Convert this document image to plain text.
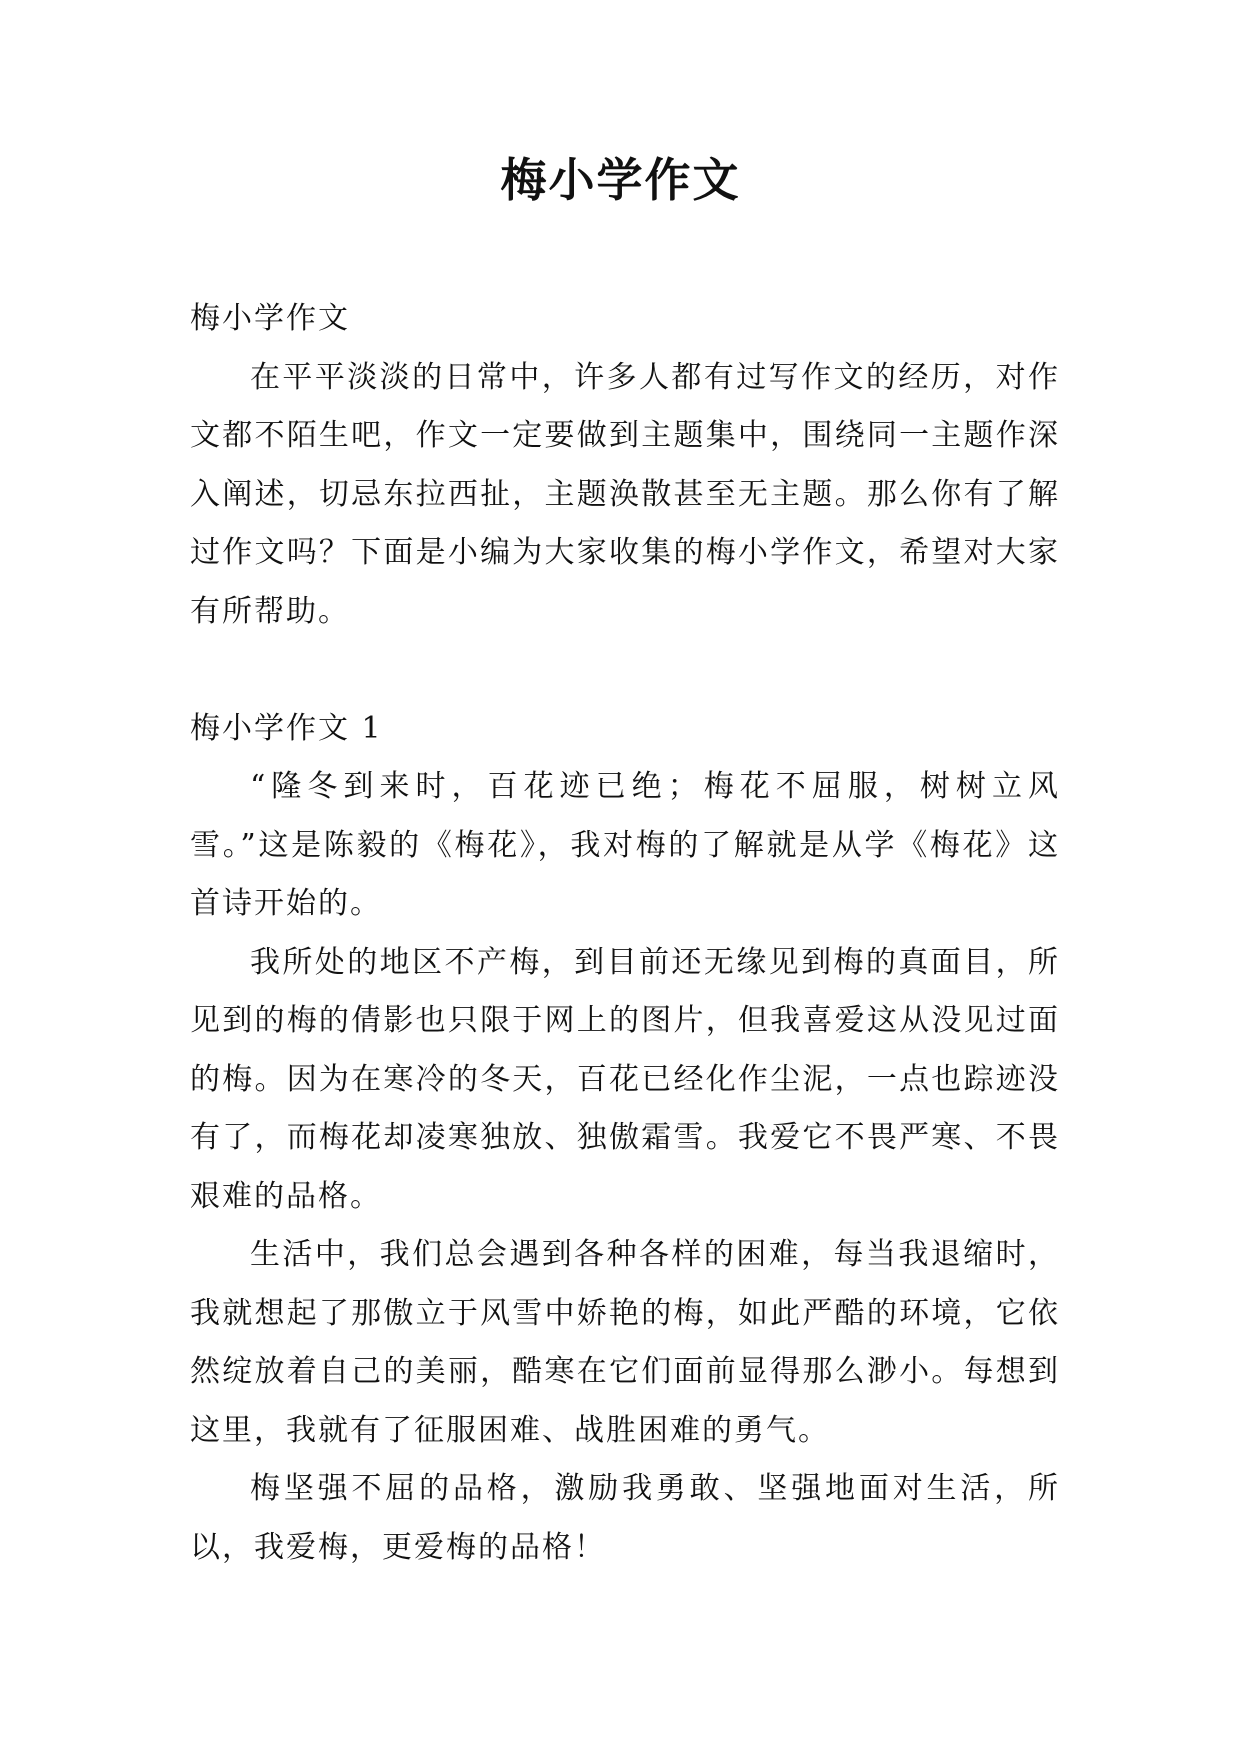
梅小学作文
梅小学作文

在平平淡淡的日常中，许多人都有过写作文的经历，对作文都不陌生吧，作文一定要做到主题集中，围绕同一主题作深入阐述，切忌东拉西扯，主题涣散甚至无主题。那么你有了解过作文吗？下面是小编为大家收集的梅小学作文，希望对大家有所帮助。

梅小学作文 1

“隆冬到来时，百花迹已绝；梅花不屈服，树树立风雪。”这是陈毅的《梅花》，我对梅的了解就是从学《梅花》这首诗开始的。

我所处的地区不产梅，到目前还无缘见到梅的真面目，所见到的梅的倩影也只限于网上的图片，但我喜爱这从没见过面的梅。因为在寒冷的冬天，百花已经化作尘泥，一点也踪迹没有了，而梅花却凌寒独放、独傲霜雪。我爱它不畏严寒、不畏艰难的品格。

生活中，我们总会遇到各种各样的困难，每当我退缩时，我就想起了那傲立于风雪中娇艳的梅，如此严酷的环境，它依然绽放着自己的美丽，酷寒在它们面前显得那么渺小。每想到这里，我就有了征服困难、战胜困难的勇气。

梅坚强不屈的品格，激励我勇敢、坚强地面对生活，所以，我爱梅，更爱梅的品格！
